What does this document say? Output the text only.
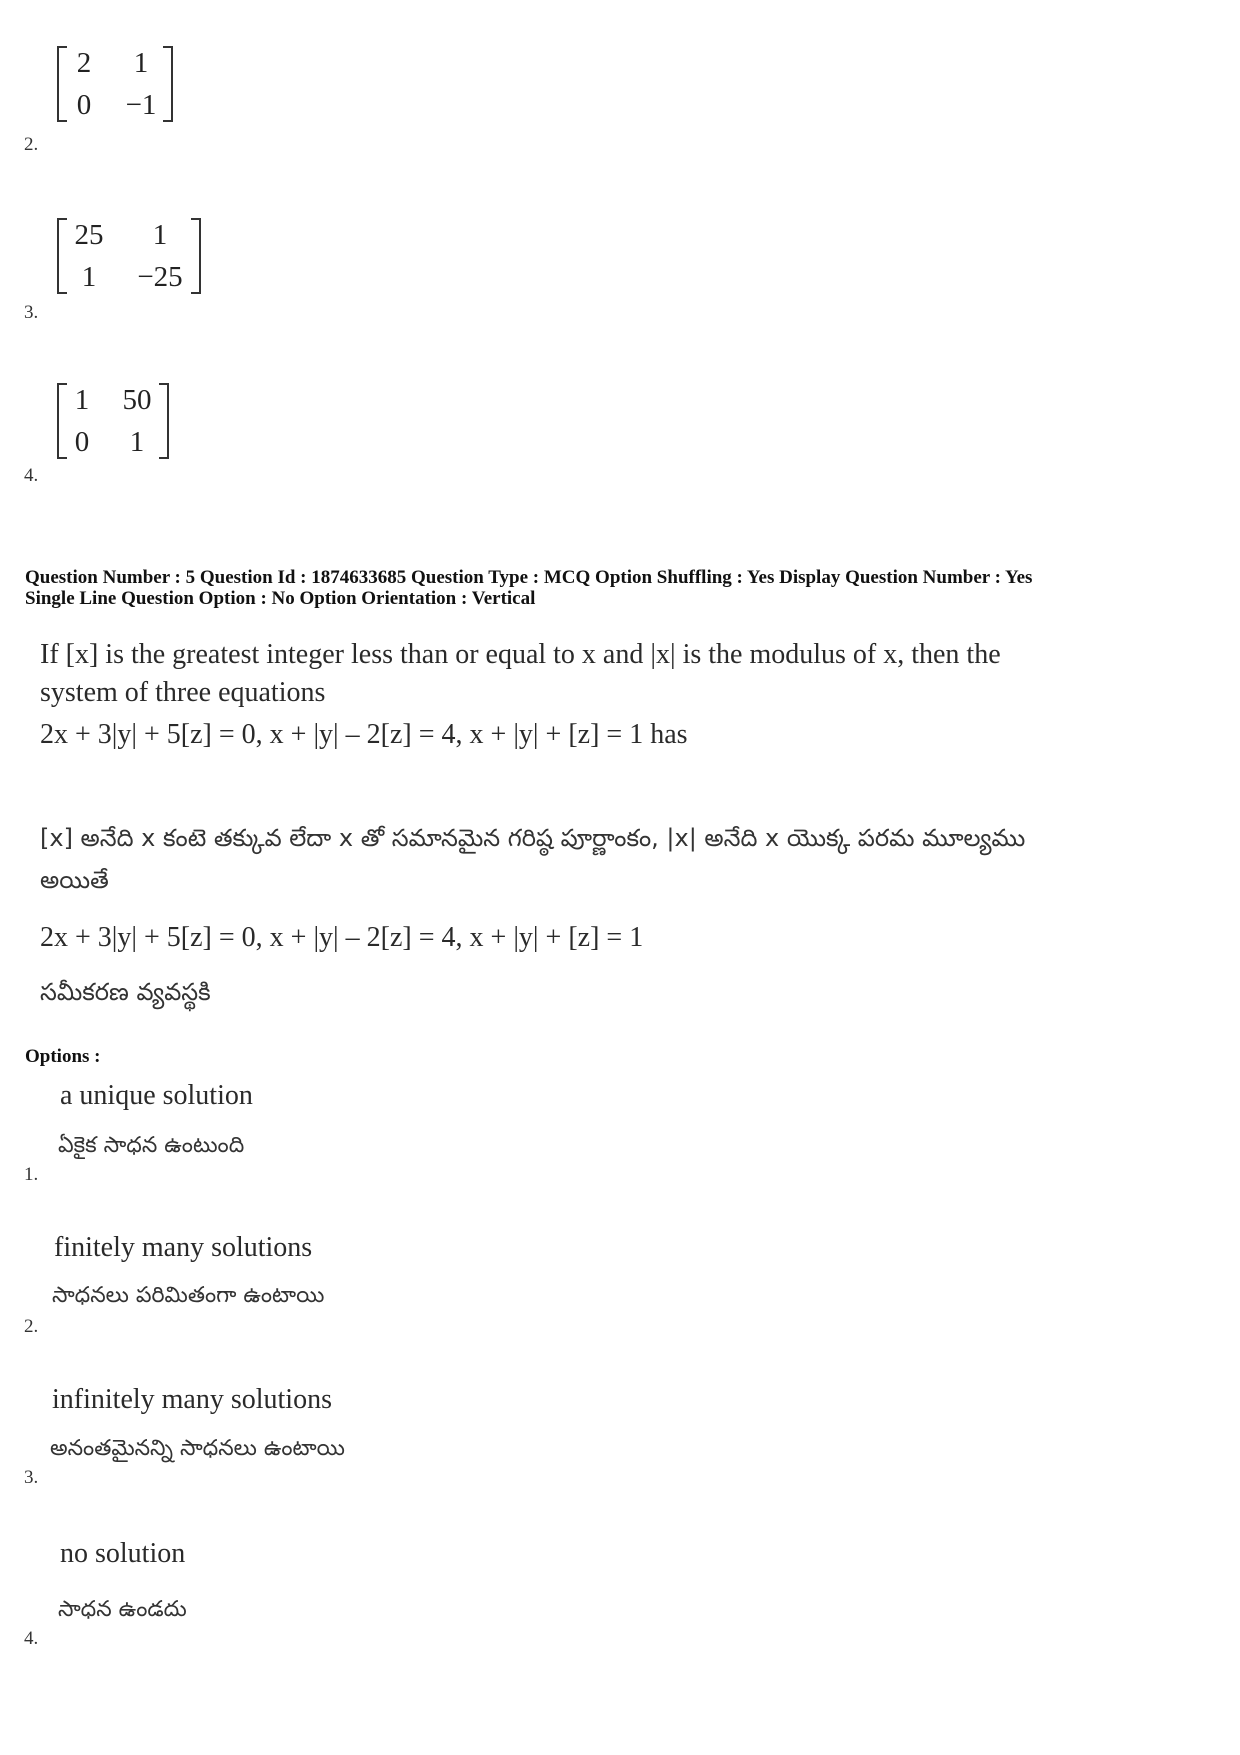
2	1
0 −1
2.
25	1
1	−25
3.
1 50
0	1
4.
Question Number : 5 Question Id : 1874633685 Question Type : MCQ Option Shuffling : Yes Display Question Number : Yes
Single Line Question Option : No Option Orientation : Vertical
If [x] is the greatest integer less than or equal to x and |x| is the modulus of x, then the
system of three equations
2x + 3|y| + 5[z] = 0, x + |y| – 2[z] = 4, x + |y| + [z] = 1 has
[x] అనేది x కంటె తక్కువ లేదా x తో సమానమైన గరిష్ఠ పూర్ణాంకం, |x| అనేది x యొక్క పరమ మూల్యము
అయితే
2x + 3|y| + 5[z] = 0, x + |y| – 2[z] = 4, x + |y| + [z] = 1
సమీకరణ వ్యవస్థకి
Options :
a unique solution
ఏకైక సాధన ఉంటుంది
1.
finitely many solutions
సాధనలు పరిమితంగా ఉంటాయి
2.
infinitely many solutions
అనంతమైనన్ని సాధనలు ఉంటాయి
3.
no solution
సాధన ఉండదు
4.
